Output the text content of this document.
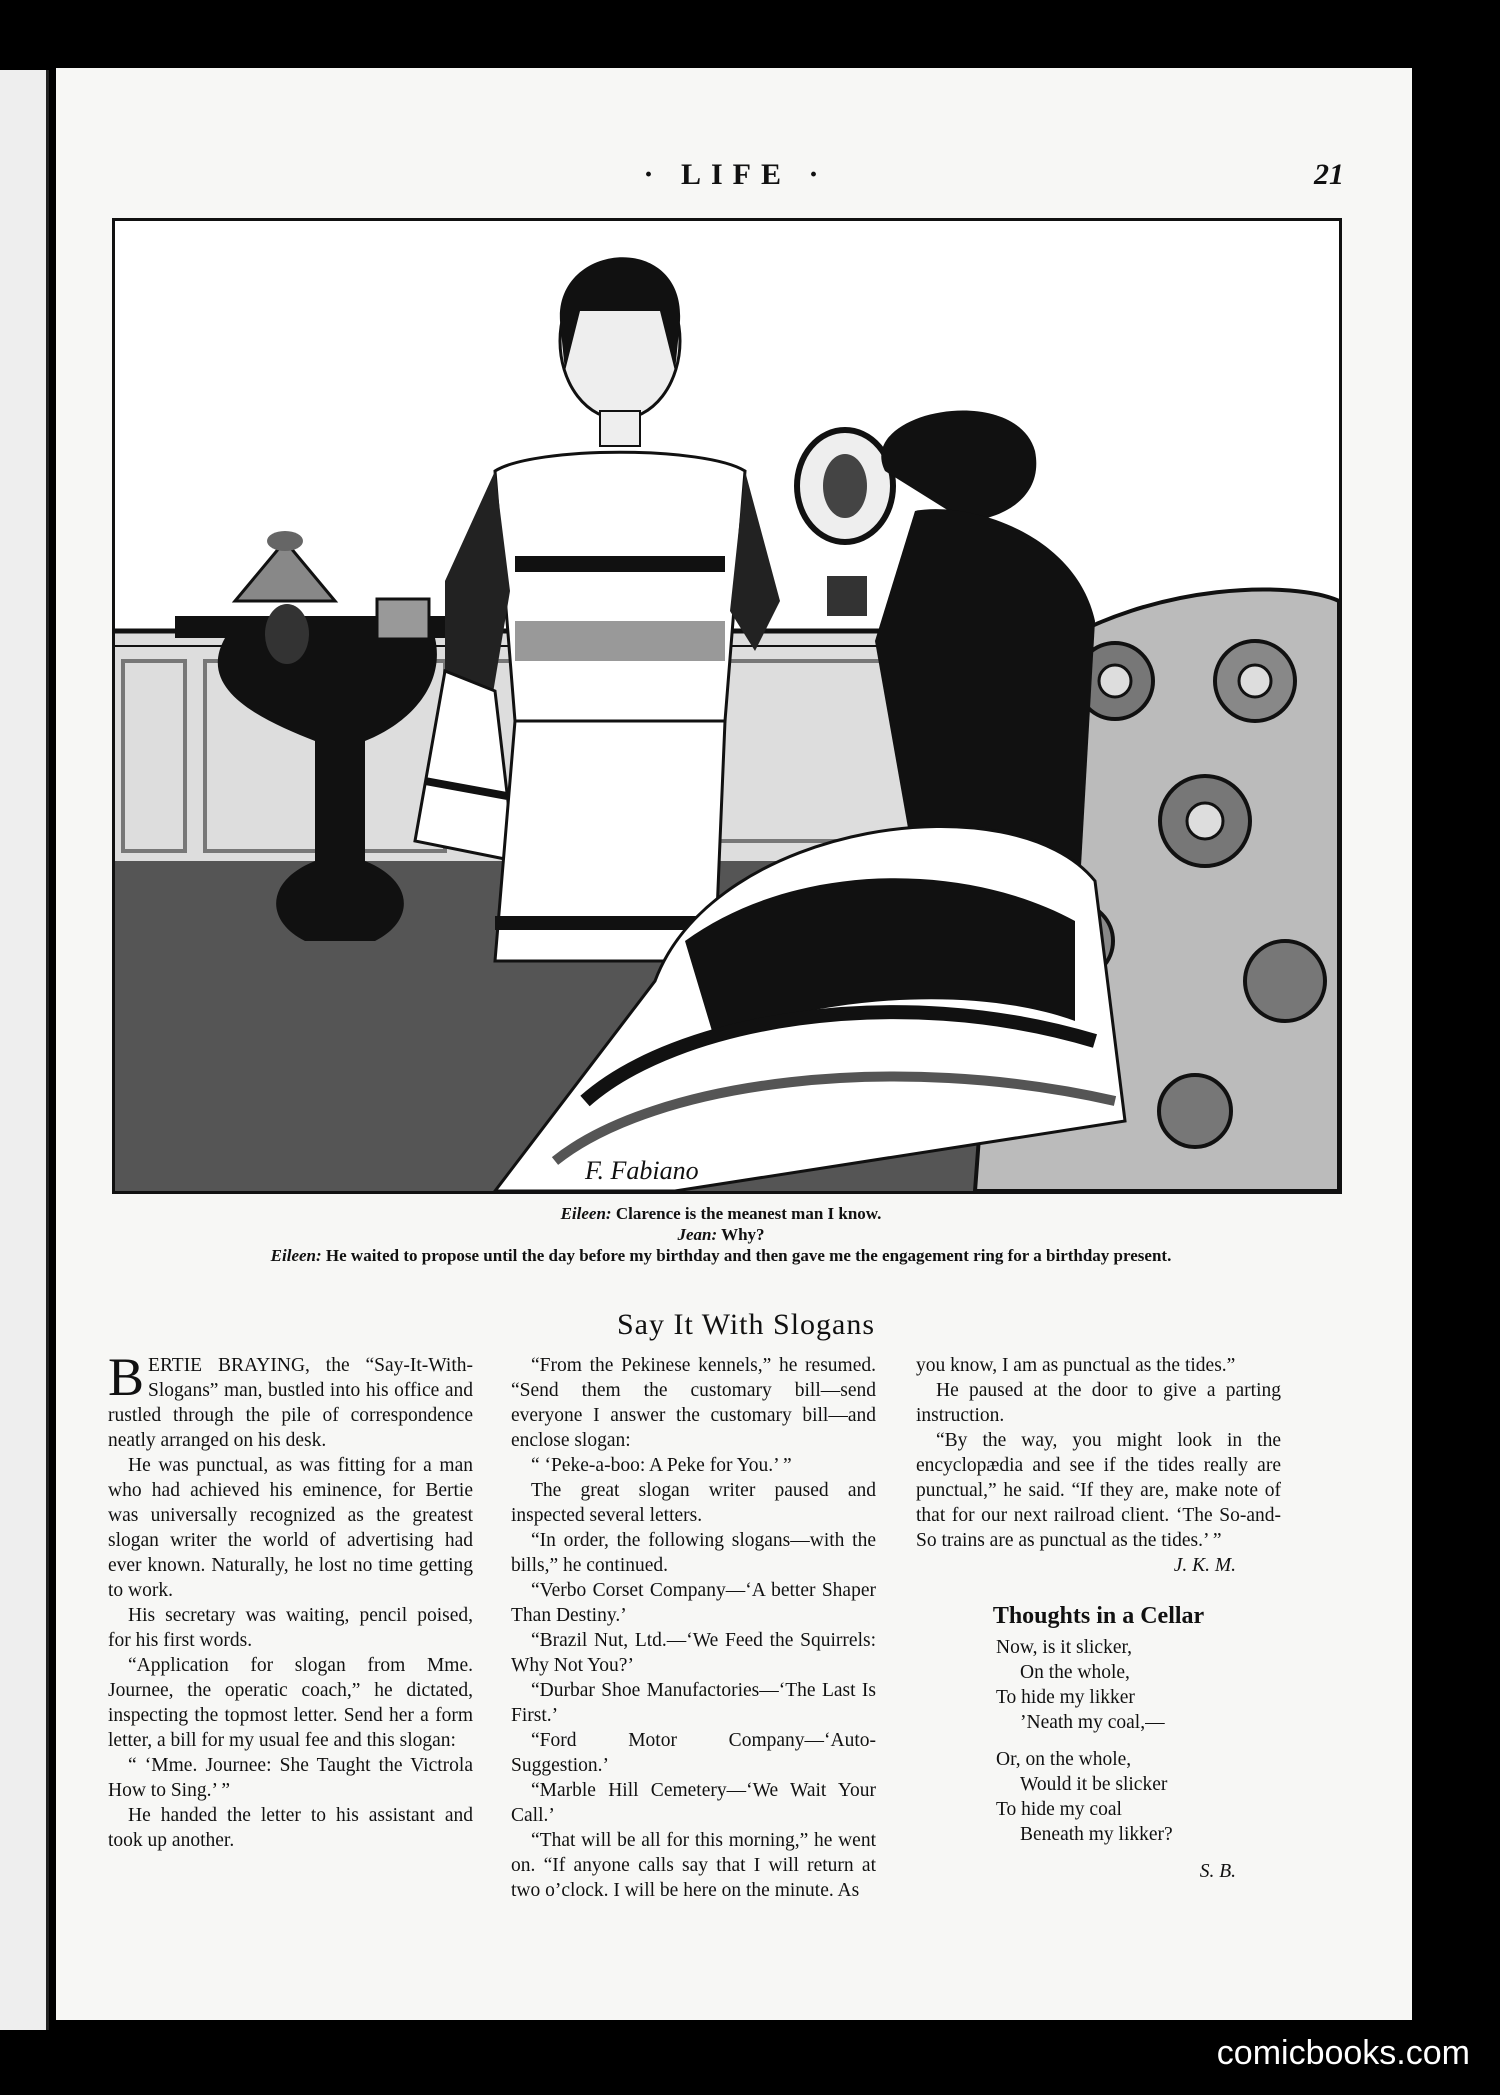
· LIFE ·	21
F. Fabiano
Eileen: Clarence is the meanest man I know.
Jean: Why?
Eileen: He waited to propose until the day before my birthday and then gave me the engagement ring for a birthday present.
Say It With Slogans

BERTIE BRAYING, the “Say-It-With-Slogans” man, bustled into his office and rustled through the pile of correspondence neatly arranged on his desk.

He was punctual, as was fitting for a man who had achieved his eminence, for Bertie was universally recognized as the greatest slogan writer the world of advertising had ever known. Naturally, he lost no time getting to work.

His secretary was waiting, pencil poised, for his first words.

“Application for slogan from Mme. Journee, the operatic coach,” he dictated, inspecting the topmost letter. Send her a form letter, a bill for my usual fee and this slogan:

“ ‘Mme. Journee: She Taught the Victrola How to Sing.’ ”

He handed the letter to his assistant and took up another.

“From the Pekinese kennels,” he resumed. “Send them the customary bill—send everyone I answer the customary bill—and enclose slogan:

“ ‘Peke-a-boo: A Peke for You.’ ”

The great slogan writer paused and inspected several letters.

“In order, the following slogans—with the bills,” he continued.

“Verbo Corset Company—‘A better Shaper Than Destiny.’

“Brazil Nut, Ltd.—‘We Feed the Squirrels: Why Not You?’

“Durbar Shoe Manufactories—‘The Last Is First.’

“Ford Motor Company—‘Auto-Suggestion.’

“Marble Hill Cemetery—‘We Wait Your Call.’

“That will be all for this morning,” he went on. “If anyone calls say that I will return at two o’clock. I will be here on the minute. As

you know, I am as punctual as the tides.”

He paused at the door to give a parting instruction.

“By the way, you might look in the encyclopædia and see if the tides really are punctual,” he said. “If they are, make note of that for our next railroad client. ‘The So-and-So trains are as punctual as the tides.’ ”

J. K. M.
Thoughts in a Cellar
Now, is it slicker,
On the whole,
To hide my likker
’Neath my coal,—
Or, on the whole,
Would it be slicker
To hide my coal
Beneath my likker?
S. B.
comicbooks.com
